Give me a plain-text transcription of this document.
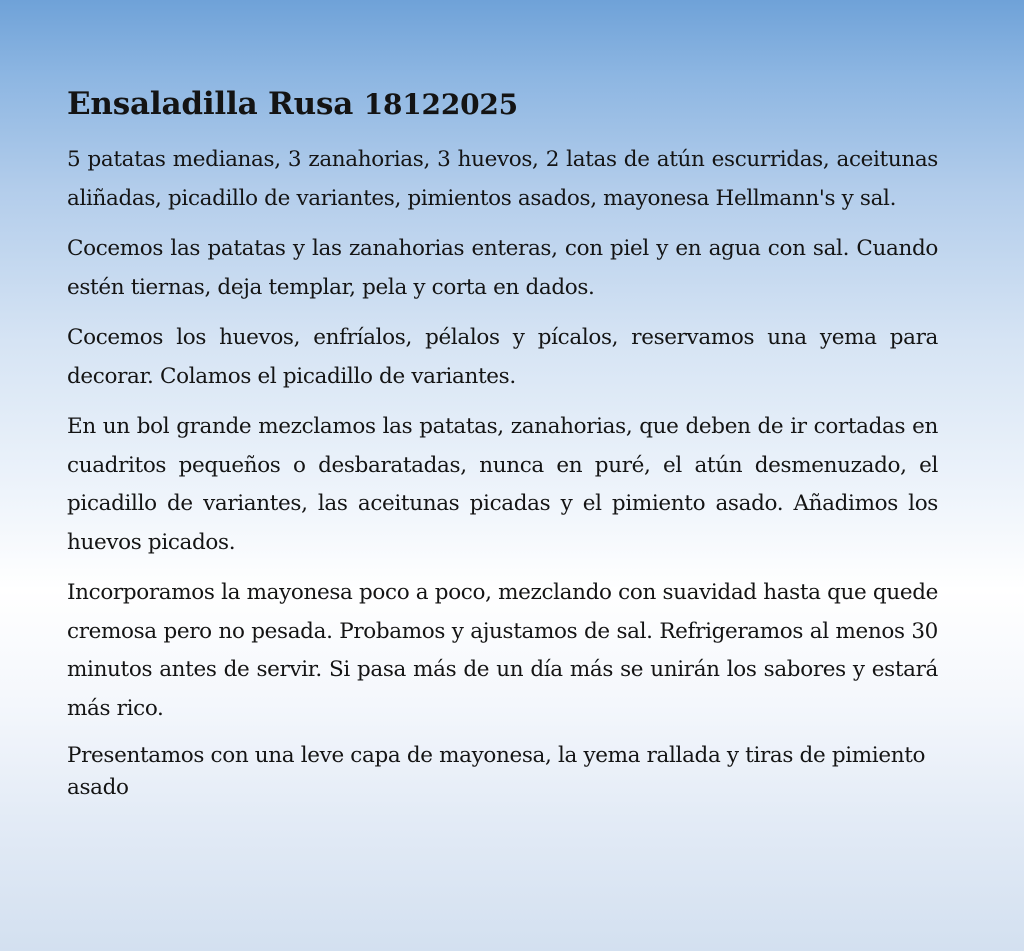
Ensaladilla Rusa 18122025

5 patatas medianas, 3 zanahorias, 3 huevos, 2 latas de atún escurridas, aceitunas aliñadas, picadillo de variantes, pimientos asados, mayonesa Hellmann's y sal.

Cocemos las patatas y las zanahorias enteras, con piel y en agua con sal. Cuando estén tiernas, deja templar, pela y corta en dados.

Cocemos los huevos, enfríalos, pélalos y pícalos, reservamos una yema para decorar. Colamos el picadillo de variantes.

En un bol grande mezclamos las patatas, zanahorias, que deben de ir cortadas en cuadritos pequeños o desbaratadas, nunca en puré, el atún desmenuzado, el picadillo de variantes, las aceitunas picadas y el pimiento asado. Añadimos los huevos picados.

Incorporamos la mayonesa poco a poco, mezclando con suavidad hasta que quede cremosa pero no pesada. Probamos y ajustamos de sal. Refrigeramos al menos 30 minutos antes de servir. Si pasa más de un día más se unirán los sabores y estará más rico.

Presentamos con una leve capa de mayonesa, la yema rallada y tiras de pimiento asado
